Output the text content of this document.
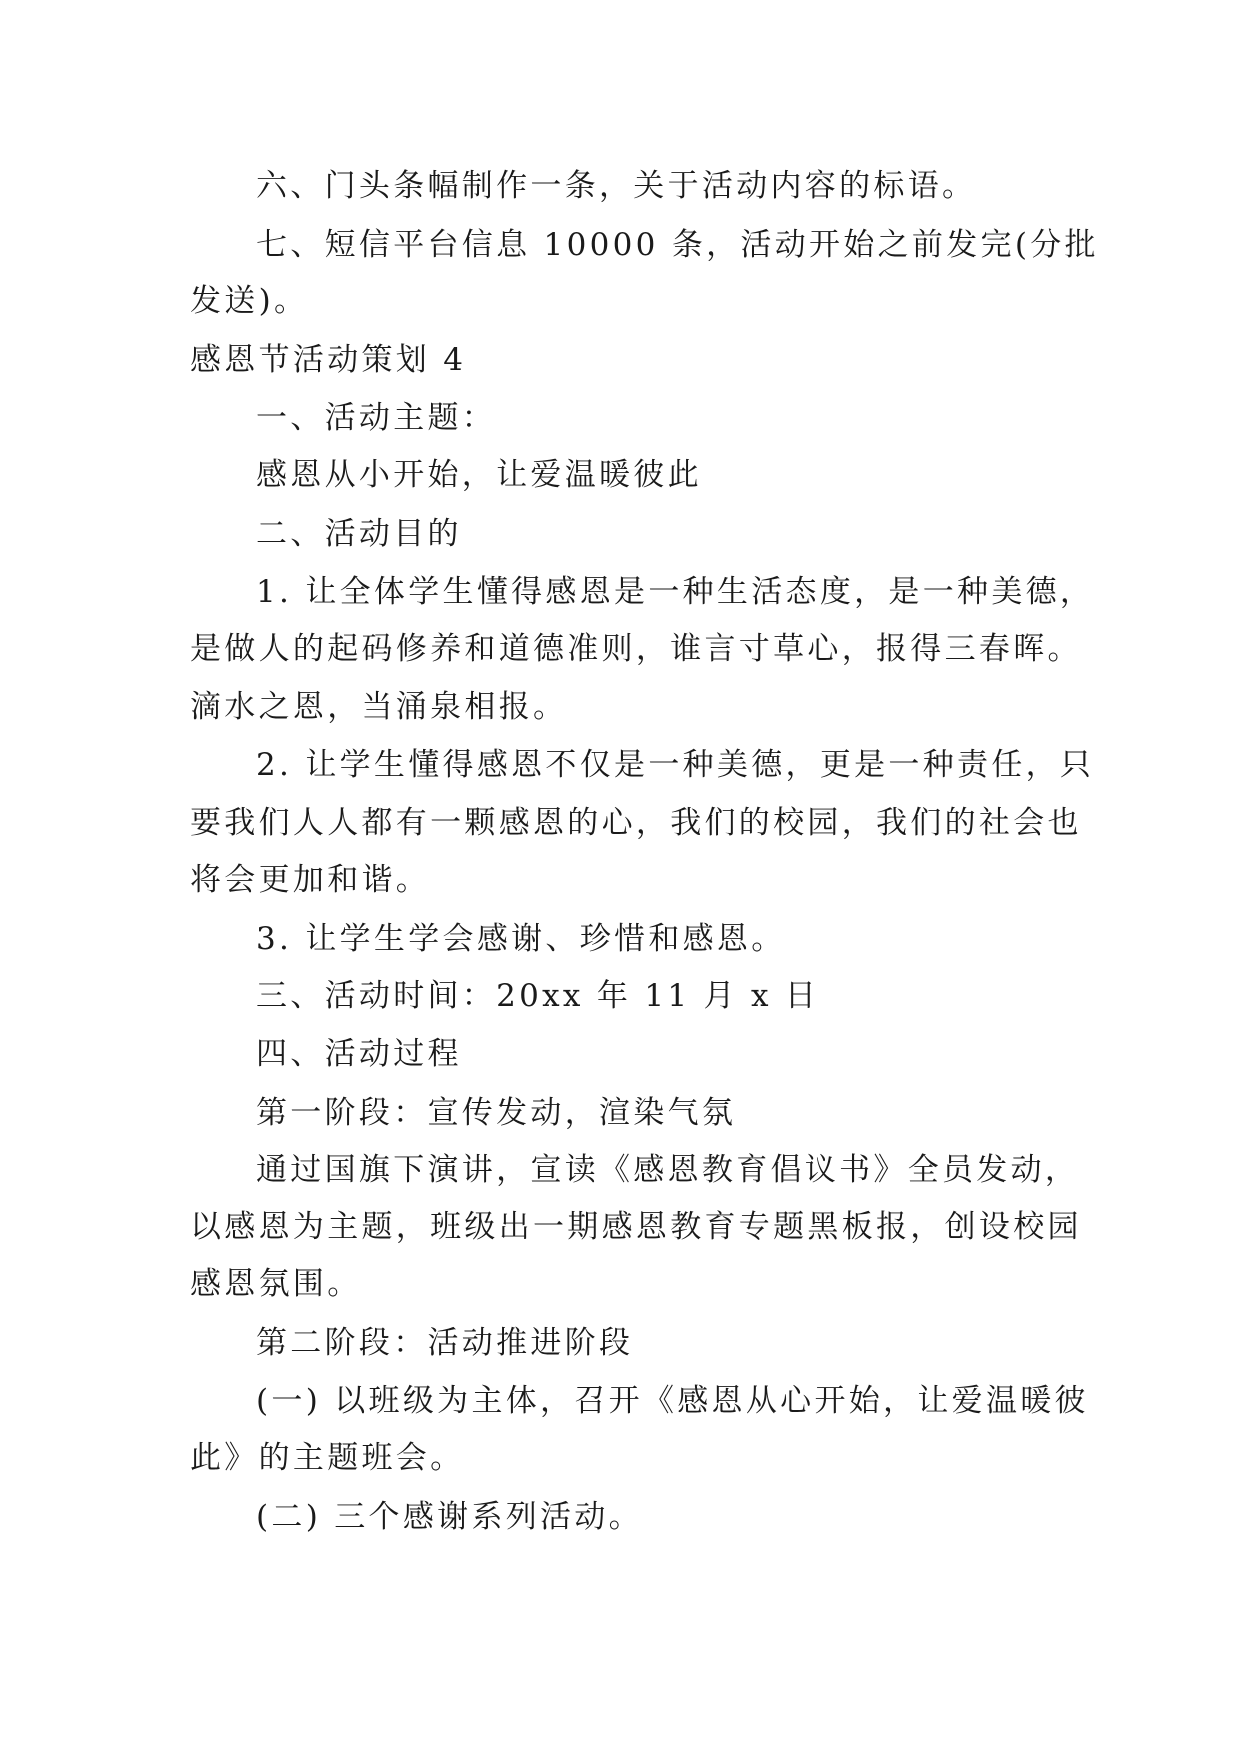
六、门头条幅制作一条，关于活动内容的标语。
七、短信平台信息 10000 条，活动开始之前发完(分批
发送)。
感恩节活动策划 4
一、活动主题：
感恩从小开始，让爱温暖彼此
二、活动目的
1. 让全体学生懂得感恩是一种生活态度，是一种美德，
是做人的起码修养和道德准则，谁言寸草心，报得三春晖。
滴水之恩，当涌泉相报。
2. 让学生懂得感恩不仅是一种美德，更是一种责任，只
要我们人人都有一颗感恩的心，我们的校园，我们的社会也
将会更加和谐。
3. 让学生学会感谢、珍惜和感恩。
三、活动时间：20xx 年 11 月 x 日
四、活动过程
第一阶段：宣传发动，渲染气氛
通过国旗下演讲，宣读《感恩教育倡议书》全员发动，
以感恩为主题，班级出一期感恩教育专题黑板报，创设校园
感恩氛围。
第二阶段：活动推进阶段
(一) 以班级为主体，召开《感恩从心开始，让爱温暖彼
此》的主题班会。
(二) 三个感谢系列活动。
